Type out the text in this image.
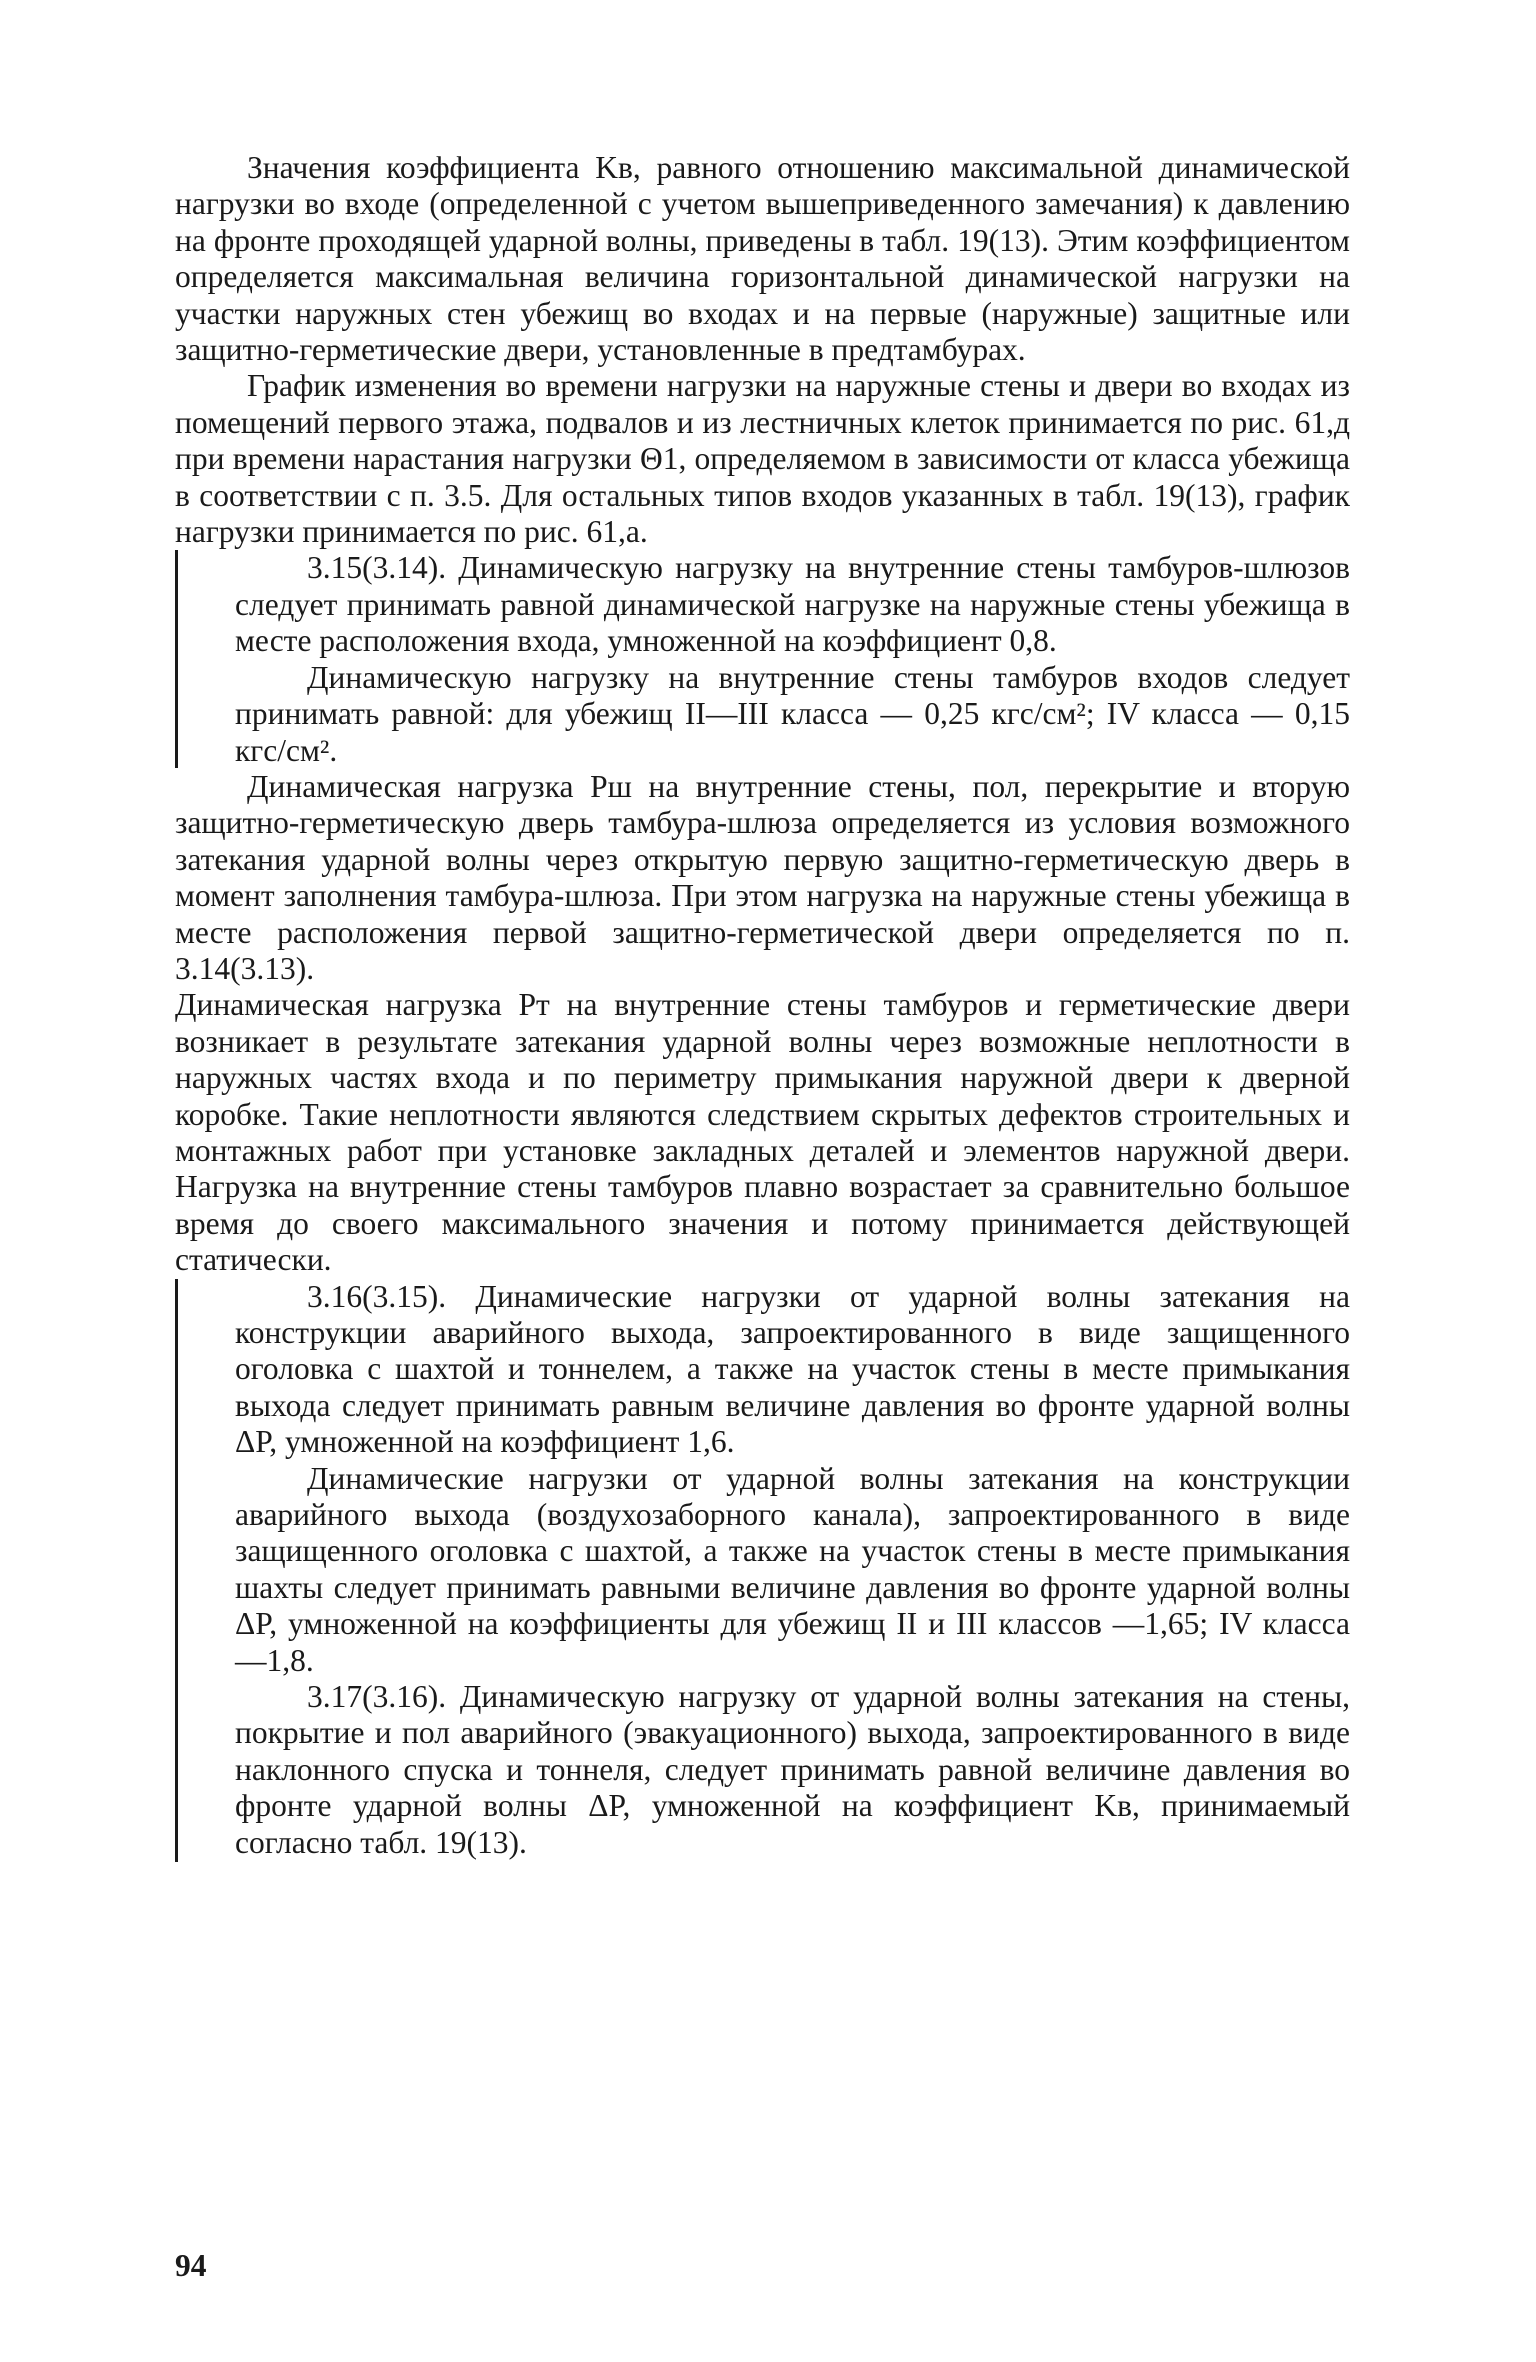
Значения коэффициента Kв, равного отношению максимальной динамической нагрузки во входе (определенной с учетом вышеприведенного замечания) к давлению на фронте проходящей ударной волны, приведены в табл. 19(13). Этим коэффициентом определяется максимальная величина горизонтальной динамической нагрузки на участки наружных стен убежищ во входах и на первые (наружные) защитные или защитно-герметические двери, установленные в предтамбурах.

График изменения во времени нагрузки на наружные стены и двери во входах из помещений первого этажа, подвалов и из лестничных клеток принимается по рис. 61,д при времени нарастания нагрузки Θ1, определяемом в зависимости от класса убежища в соответствии с п. 3.5. Для остальных типов входов указанных в табл. 19(13), график нагрузки принимается по рис. 61,а.

3.15(3.14). Динамическую нагрузку на внутренние стены тамбуров-шлюзов следует принимать равной динамической нагрузке на наружные стены убежища в месте расположения входа, умноженной на коэффициент 0,8.

Динамическую нагрузку на внутренние стены тамбуров входов следует принимать равной: для убежищ II—III класса — 0,25 кгс/см²; IV класса — 0,15 кгс/см².

Динамическая нагрузка Pш на внутренние стены, пол, перекрытие и вторую защитно-герметическую дверь тамбура-шлюза определяется из условия возможного затекания ударной волны через открытую первую защитно-герметическую дверь в момент заполнения тамбура-шлюза. При этом нагрузка на наружные стены убежища в месте расположения первой защитно-герметической двери определяется по п. 3.14(3.13).

Динамическая нагрузка Pт на внутренние стены тамбуров и герметические двери возникает в результате затекания ударной волны через возможные неплотности в наружных частях входа и по периметру примыкания наружной двери к дверной коробке. Такие неплотности являются следствием скрытых дефектов строительных и монтажных работ при установке закладных деталей и элементов наружной двери. Нагрузка на внутренние стены тамбуров плавно возрастает за сравнительно большое время до своего максимального значения и потому принимается действующей статически.

3.16(3.15). Динамические нагрузки от ударной волны затекания на конструкции аварийного выхода, запроектированного в виде защищенного оголовка с шахтой и тоннелем, а также на участок стены в месте примыкания выхода следует принимать равным величине давления во фронте ударной волны ΔP, умноженной на коэффициент 1,6.

Динамические нагрузки от ударной волны затекания на конструкции аварийного выхода (воздухозаборного канала), запроектированного в виде защищенного оголовка с шахтой, а также на участок стены в месте примыкания шахты следует принимать равными величине давления во фронте ударной волны ΔP, умноженной на коэффициенты для убежищ II и III классов —1,65; IV класса —1,8.

3.17(3.16). Динамическую нагрузку от ударной волны затекания на стены, покрытие и пол аварийного (эвакуационного) выхода, запроектированного в виде наклонного спуска и тоннеля, следует принимать равной величине давления во фронте ударной волны ΔP, умноженной на коэффициент Kв, принимаемый согласно табл. 19(13).

94
